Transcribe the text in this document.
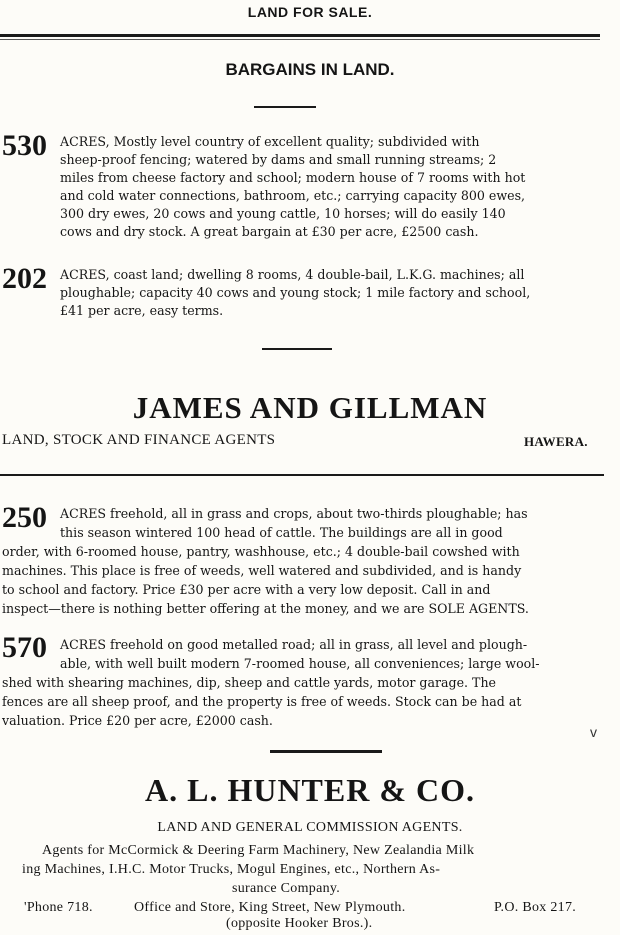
LAND FOR SALE.
BARGAINS IN LAND.
530 ACRES, Mostly level country of excellent quality; subdivided with
sheep-proof fencing; watered by dams and small running streams; 2
miles from cheese factory and school; modern house of 7 rooms with hot
and cold water connections, bathroom, etc.; carrying capacity 800 ewes,
300 dry ewes, 20 cows and young cattle, 10 horses; will do easily 140
cows and dry stock. A great bargain at £30 per acre, £2500 cash.
202 ACRES, coast land; dwelling 8 rooms, 4 double-bail, L.K.G. machines; all
ploughable; capacity 40 cows and young stock; 1 mile factory and school,
£41 per acre, easy terms.
JAMES AND GILLMAN
LAND, STOCK AND FINANCE AGENTS	HAWERA.
250 ACRES freehold, all in grass and crops, about two-thirds ploughable; has
this season wintered 100 head of cattle. The buildings are all in good
order, with 6-roomed house, pantry, washhouse, etc.; 4 double-bail cowshed with
machines. This place is free of weeds, well watered and subdivided, and is handy
to school and factory. Price £30 per acre with a very low deposit. Call in and
inspect—there is nothing better offering at the money, and we are SOLE AGENTS.
570 ACRES freehold on good metalled road; all in grass, all level and plough-
able, with well built modern 7-roomed house, all conveniences; large wool-
shed with shearing machines, dip, sheep and cattle yards, motor garage. The
fences are all sheep proof, and the property is free of weeds. Stock can be had at
valuation. Price £20 per acre, £2000 cash.
v
A. L. HUNTER & CO.
LAND AND GENERAL COMMISSION AGENTS.
Agents for McCormick & Deering Farm Machinery, New Zealandia Milk
ing Machines, I.H.C. Motor Trucks, Mogul Engines, etc., Northern As-
surance Company.
'Phone 718.	Office and Store, King Street, New Plymouth.	P.O. Box 217.
(opposite Hooker Bros.).
